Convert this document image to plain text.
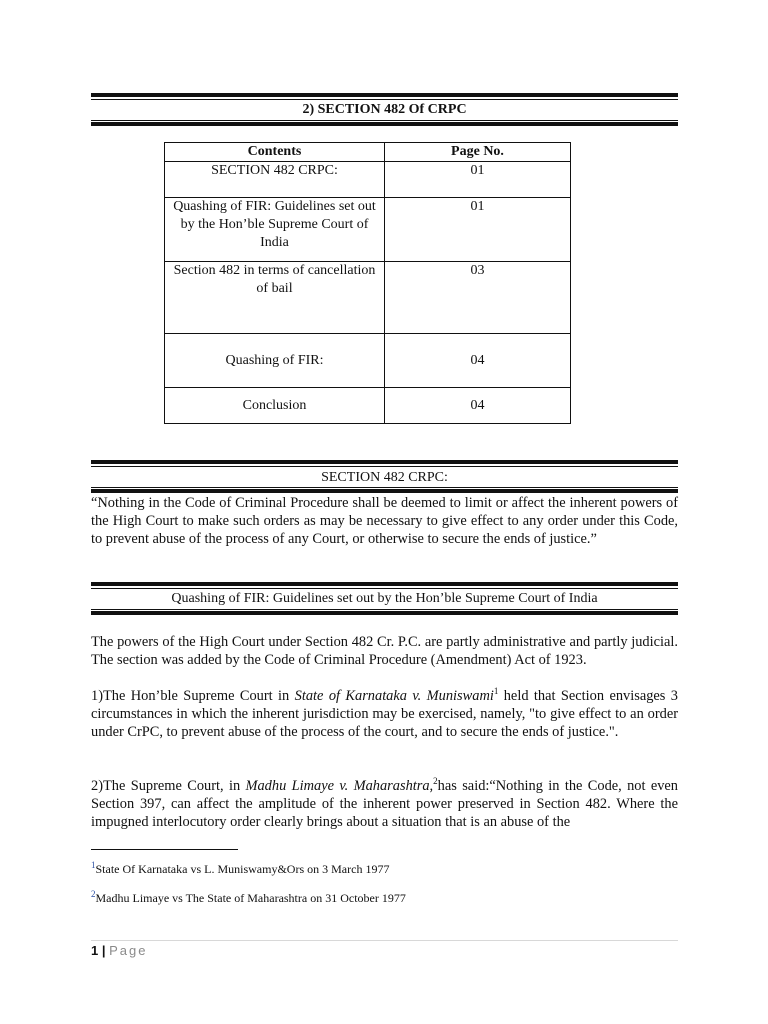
2) SECTION 482 Of CRPC
Contents	Page No.
SECTION 482 CRPC:	01
Quashing of FIR: Guidelines set out by the Hon’ble Supreme Court of India	01
Section 482 in terms of cancellation of bail	03
Quashing of FIR:	04
Conclusion	04
SECTION 482 CRPC:
“Nothing in the Code of Criminal Procedure shall be deemed to limit or affect the inherent powers of the High Court to make such orders as may be necessary to give effect to any order under this Code, to prevent abuse of the process of any Court, or otherwise to secure the ends of justice.”
Quashing of FIR: Guidelines set out by the Hon’ble Supreme Court of India
The powers of the High Court under Section 482 Cr. P.C. are partly administrative and partly judicial. The section was added by the Code of Criminal Procedure (Amendment) Act of 1923.
1)The Hon’ble Supreme Court in State of Karnataka v. Muniswami$^1$ held that Section envisages 3 circumstances in which the inherent jurisdiction may be exercised, namely, "to give effect to an order under CrPC, to prevent abuse of the process of the court, and to secure the ends of justice.".
2)The Supreme Court, in Madhu Limaye v. Maharashtra,$^2$has said:“Nothing in the Code, not even Section 397, can affect the amplitude of the inherent power preserved in Section 482. Where the impugned interlocutory order clearly brings about a situation that is an abuse of the
$^1$State Of Karnataka vs L. Muniswamy&Ors on 3 March 1977
$^2$Madhu Limaye vs The State of Maharashtra on 31 October 1977
1 | Page
